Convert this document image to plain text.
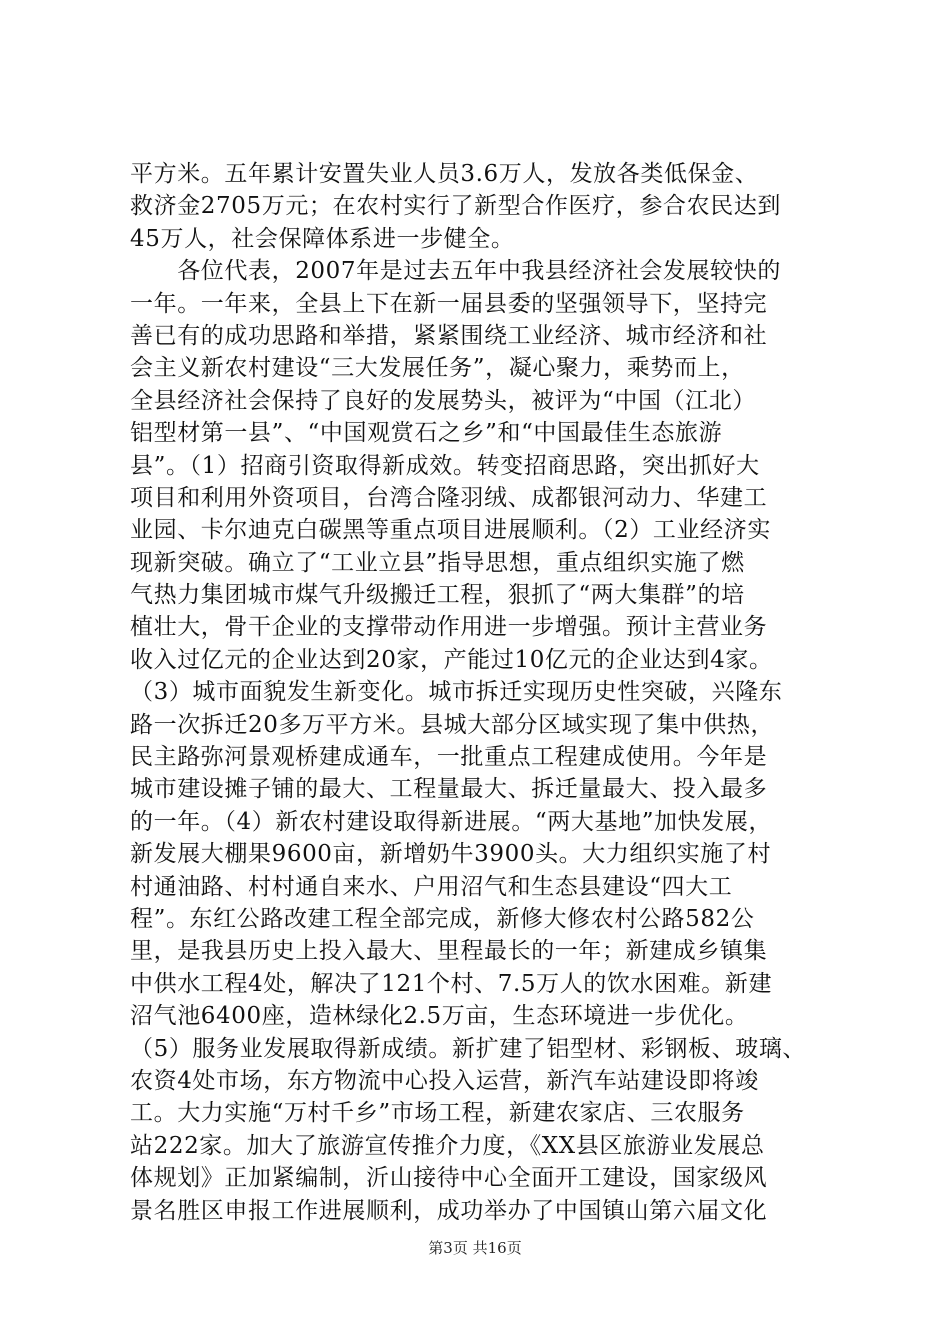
平方米。五年累计安置失业人员3.6万人，发放各类低保金、
救济金2705万元；在农村实行了新型合作医疗，参合农民达到
45万人，社会保障体系进一步健全。
　　各位代表，2007年是过去五年中我县经济社会发展较快的
一年。一年来，全县上下在新一届县委的坚强领导下，坚持完
善已有的成功思路和举措，紧紧围绕工业经济、城市经济和社
会主义新农村建设“三大发展任务”，凝心聚力，乘势而上，
全县经济社会保持了良好的发展势头，被评为“中国（江北）
铝型材第一县”、“中国观赏石之乡”和“中国最佳生态旅游
县”。（1）招商引资取得新成效。转变招商思路，突出抓好大
项目和利用外资项目，台湾合隆羽绒、成都银河动力、华建工
业园、卡尔迪克白碳黑等重点项目进展顺利。（2）工业经济实
现新突破。确立了“工业立县”指导思想，重点组织实施了燃
气热力集团城市煤气升级搬迁工程，狠抓了“两大集群”的培
植壮大，骨干企业的支撑带动作用进一步增强。预计主营业务
收入过亿元的企业达到20家，产能过10亿元的企业达到4家。
（3）城市面貌发生新变化。城市拆迁实现历史性突破，兴隆东
路一次拆迁20多万平方米。县城大部分区域实现了集中供热，
民主路弥河景观桥建成通车，一批重点工程建成使用。今年是
城市建设摊子铺的最大、工程量最大、拆迁量最大、投入最多
的一年。（4）新农村建设取得新进展。“两大基地”加快发展，
新发展大棚果9600亩，新增奶牛3900头。大力组织实施了村
村通油路、村村通自来水、户用沼气和生态县建设“四大工
程”。东红公路改建工程全部完成，新修大修农村公路582公
里，是我县历史上投入最大、里程最长的一年；新建成乡镇集
中供水工程4处，解决了121个村、7.5万人的饮水困难。新建
沼气池6400座，造林绿化2.5万亩，生态环境进一步优化。
（5）服务业发展取得新成绩。新扩建了铝型材、彩钢板、玻璃、
农资4处市场，东方物流中心投入运营，新汽车站建设即将竣
工。大力实施“万村千乡”市场工程，新建农家店、三农服务
站222家。加大了旅游宣传推介力度，《XX县区旅游业发展总
体规划》正加紧编制，沂山接待中心全面开工建设，国家级风
景名胜区申报工作进展顺利，成功举办了中国镇山第六届文化
第3页 共16页
